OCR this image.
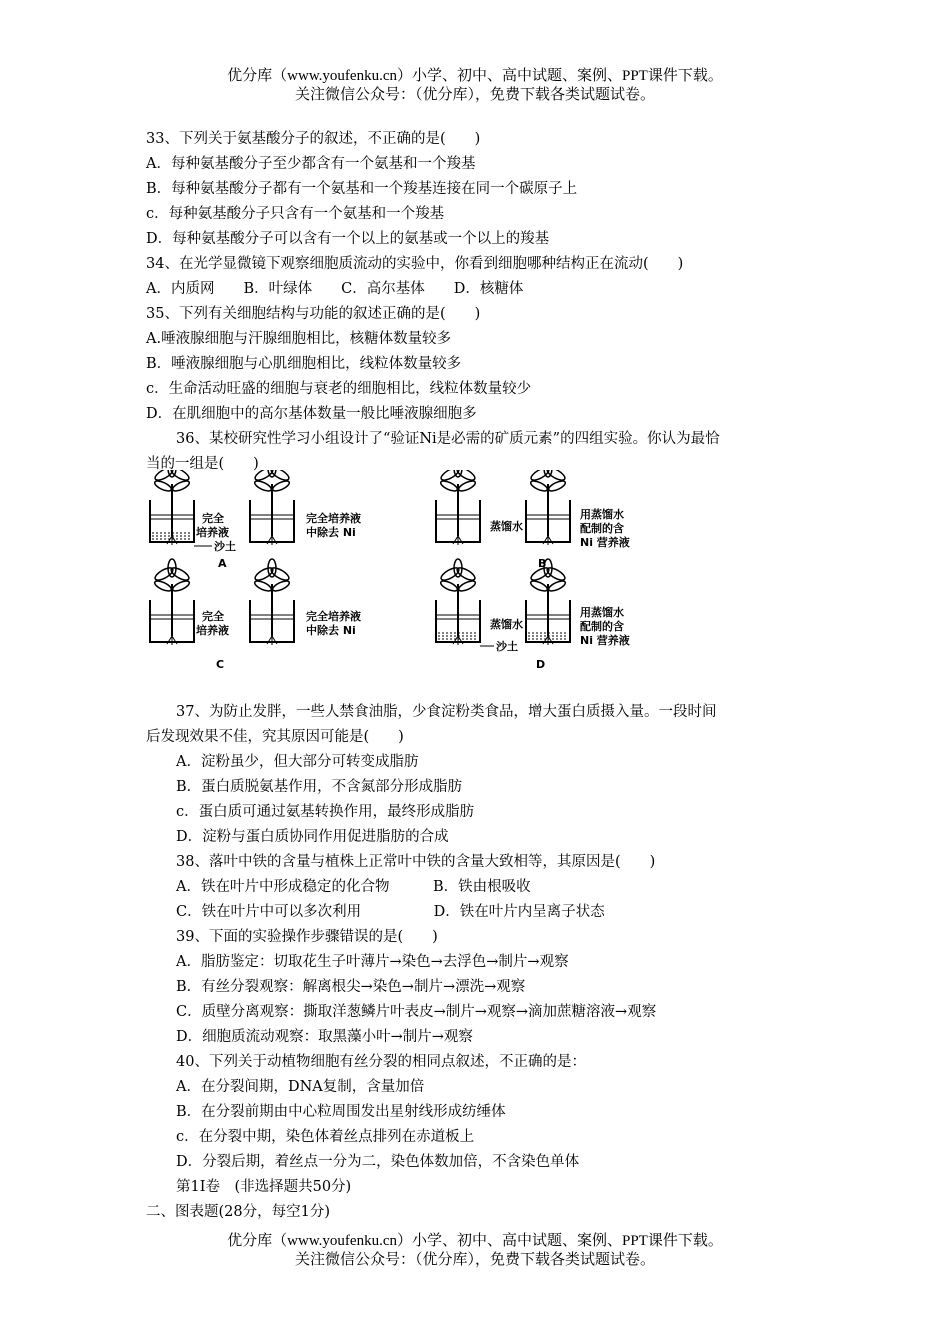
优分库（www.youfenku.cn）小学、初中、高中试题、案例、PPT课件下载。
关注微信公众号：（优分库），免费下载各类试题试卷。
33、下列关于氨基酸分子的叙述，不正确的是(　　)
A．每种氨基酸分子至少都含有一个氨基和一个羧基
B．每种氨基酸分子都有一个氨基和一个羧基连接在同一个碳原子上
c．每种氨基酸分子只含有一个氨基和一个羧基
D．每种氨基酸分子可以含有一个以上的氨基或一个以上的羧基
34、在光学显微镜下观察细胞质流动的实验中，你看到细胞哪种结构正在流动(　　)
A．内质网　　B．叶绿体　　C．高尔基体　　D．核糖体
35、下列有关细胞结构与功能的叙述正确的是(　　)
A.唾液腺细胞与汗腺细胞相比，核糖体数量较多
B．唾液腺细胞与心肌细胞相比，线粒体数量较多
c．生命活动旺盛的细胞与衰老的细胞相比，线粒体数量较少
D．在肌细胞中的高尔基体数量一般比唾液腺细胞多
36、某校研究性学习小组设计了“验证Ni是必需的矿质元素”的四组实验。你认为最恰
当的一组是(　　)
完全
培养液
完全培养液
中除去 Ni
沙土
A
蒸馏水
用蒸馏水
配制的含
Ni 营养液
B
完全
培养液
完全培养液
中除去 Ni
C
蒸馏水
沙土
用蒸馏水
配制的含
Ni 营养液
D
37、为防止发胖，一些人禁食油脂，少食淀粉类食品，增大蛋白质摄入量。一段时间
后发现效果不佳，究其原因可能是(　　)
A．淀粉虽少，但大部分可转变成脂肪
B．蛋白质脱氨基作用，不含氮部分形成脂肪
c．蛋白质可通过氨基转换作用，最终形成脂肪
D．淀粉与蛋白质协同作用促进脂肪的合成
38、落叶中铁的含量与植株上正常叶中铁的含量大致相等，其原因是(　　)
A．铁在叶片中形成稳定的化合物　　　B．铁由根吸收
C．铁在叶片中可以多次利用　　　　　D．铁在叶片内呈离子状态
39、下面的实验操作步骤错误的是(　　)
A．脂肪鉴定：切取花生子叶薄片→染色→去浮色→制片→观察
B．有丝分裂观察：解离根尖→染色→制片→漂洗→观察
C．质壁分离观察：撕取洋葱鳞片叶表皮→制片→观察→滴加蔗糖溶液→观察
D．细胞质流动观察：取黑藻小叶→制片→观察
40、下列关于动植物细胞有丝分裂的相同点叙述，不正确的是：
A．在分裂间期，DNA复制，含量加倍
B．在分裂前期由中心粒周围发出星射线形成纺缍体
c．在分裂中期，染色体着丝点排列在赤道板上
D．分裂后期，着丝点一分为二，染色体数加倍，不含染色单体
第1I卷　(非选择题共50分)
二、图表题(28分，每空1分)
优分库（www.youfenku.cn）小学、初中、高中试题、案例、PPT课件下载。
关注微信公众号：（优分库），免费下载各类试题试卷。
